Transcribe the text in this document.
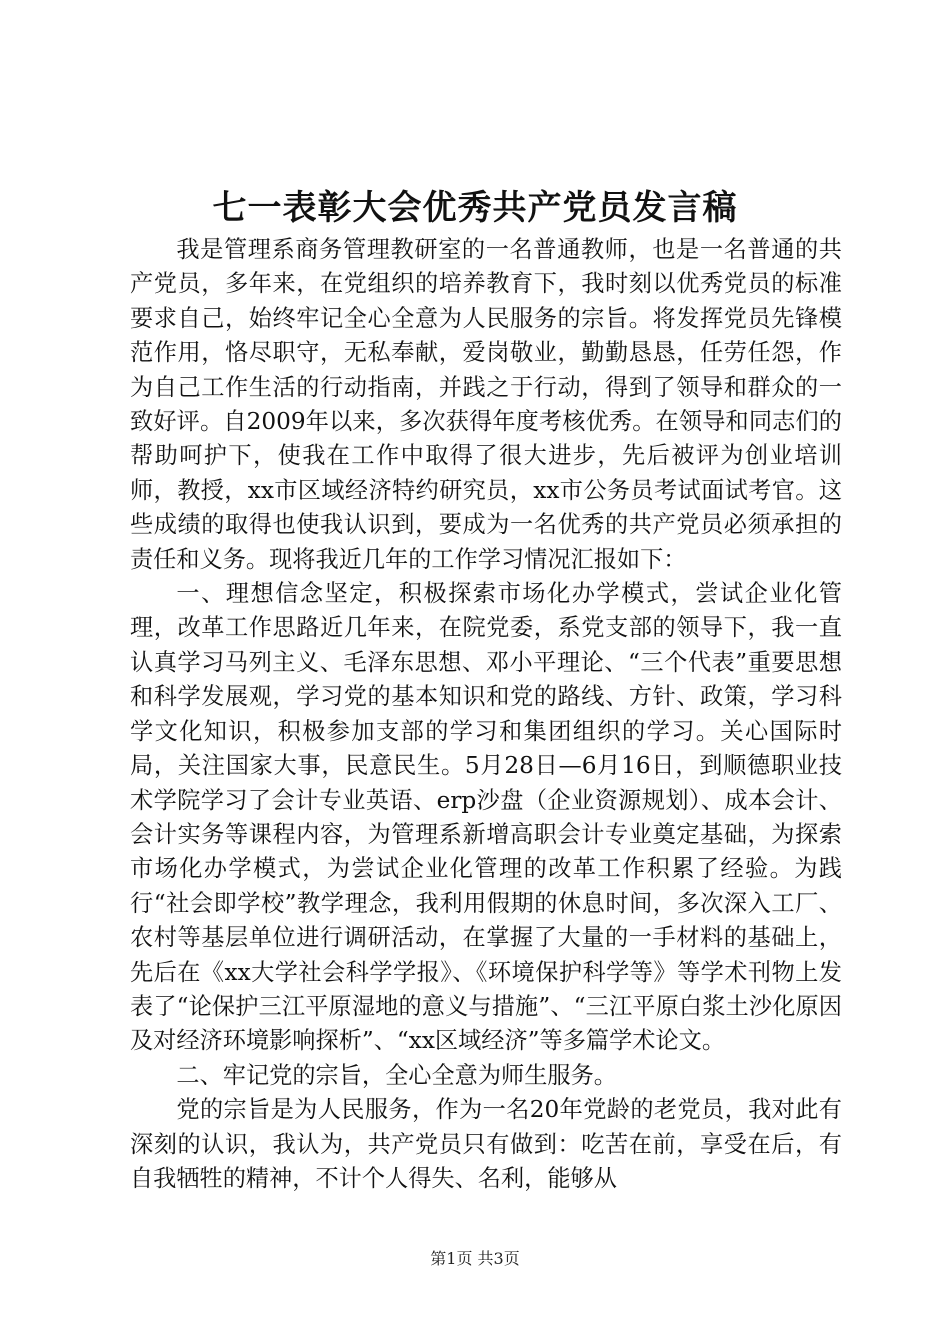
七一表彰大会优秀共产党员发言稿

我是管理系商务管理教研室的一名普通教师，也是一名普通的共产党员，多年来，在党组织的培养教育下，我时刻以优秀党员的标准要求自己，始终牢记全心全意为人民服务的宗旨。将发挥党员先锋模范作用，恪尽职守，无私奉献，爱岗敬业，勤勤恳恳，任劳任怨，作为自己工作生活的行动指南，并践之于行动，得到了领导和群众的一致好评。自2009年以来，多次获得年度考核优秀。在领导和同志们的帮助呵护下，使我在工作中取得了很大进步，先后被评为创业培训师，教授，xx市区域经济特约研究员，xx市公务员考试面试考官。这些成绩的取得也使我认识到，要成为一名优秀的共产党员必须承担的责任和义务。现将我近几年的工作学习情况汇报如下：

一、理想信念坚定，积极探索市场化办学模式，尝试企业化管理，改革工作思路近几年来，在院党委，系党支部的领导下，我一直认真学习马列主义、毛泽东思想、邓小平理论、“三个代表”重要思想和科学发展观，学习党的基本知识和党的路线、方针、政策，学习科学文化知识，积极参加支部的学习和集团组织的学习。关心国际时局，关注国家大事，民意民生。5月28日—6月16日，到顺德职业技术学院学习了会计专业英语、erp沙盘（企业资源规划）、成本会计、会计实务等课程内容，为管理系新增高职会计专业奠定基础，为探索市场化办学模式，为尝试企业化管理的改革工作积累了经验。为践行“社会即学校”教学理念，我利用假期的休息时间，多次深入工厂、农村等基层单位进行调研活动，在掌握了大量的一手材料的基础上，先后在《xx大学社会科学学报》、《环境保护科学等》等学术刊物上发表了“论保护三江平原湿地的意义与措施”、“三江平原白浆土沙化原因及对经济环境影响探析”、“xx区域经济”等多篇学术论文。

二、牢记党的宗旨，全心全意为师生服务。

党的宗旨是为人民服务，作为一名20年党龄的老党员，我对此有深刻的认识，我认为，共产党员只有做到：吃苦在前，享受在后，有自我牺牲的精神，不计个人得失、名利，能够从

第1页 共3页
